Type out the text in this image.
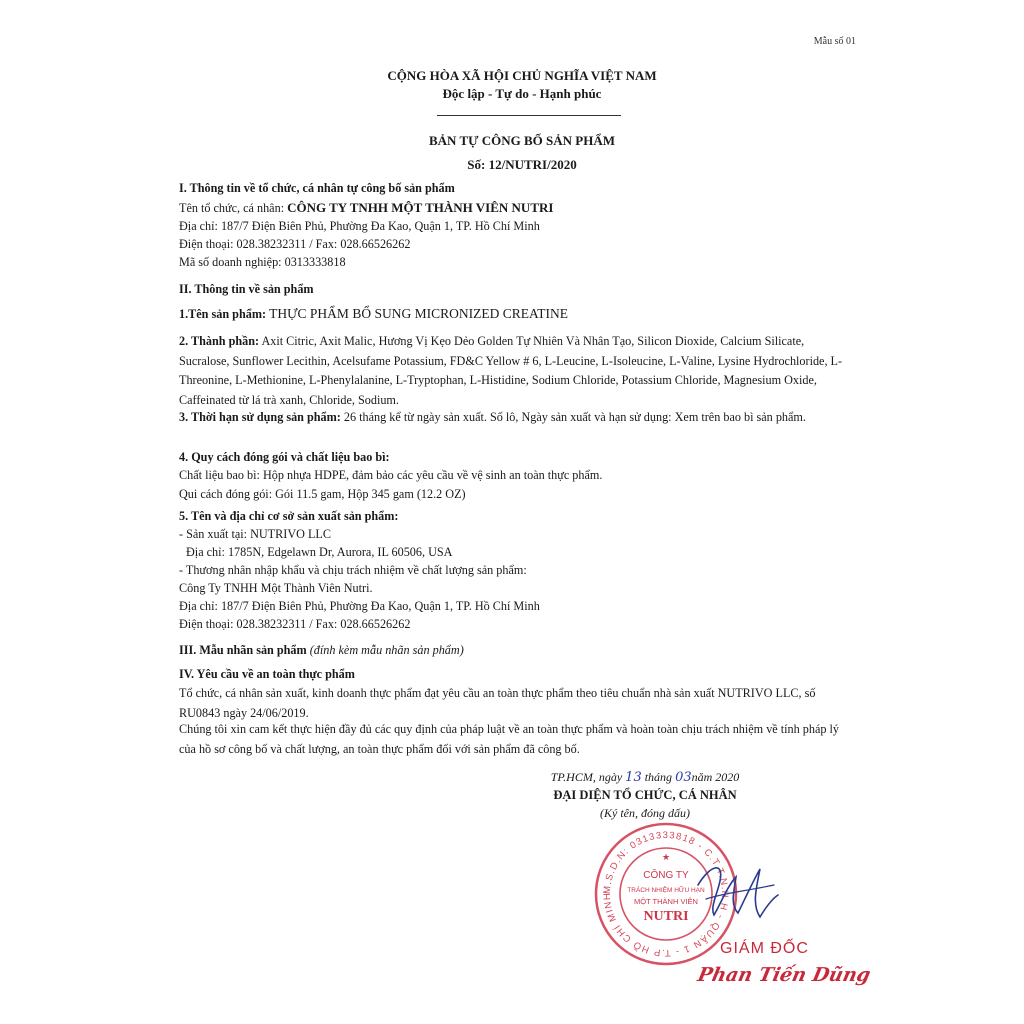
Mẫu số 01
CỘNG HÒA XÃ HỘI CHỦ NGHĨA VIỆT NAM
Độc lập - Tự do - Hạnh phúc
BẢN TỰ CÔNG BỐ SẢN PHẨM
Số: 12/NUTRI/2020
I. Thông tin về tổ chức, cá nhân tự công bố sản phẩm
Tên tổ chức, cá nhân: CÔNG TY TNHH MỘT THÀNH VIÊN NUTRI
Địa chỉ: 187/7 Điện Biên Phủ, Phường Đa Kao, Quận 1, TP. Hồ Chí Minh
Điện thoại: 028.38232311 / Fax: 028.66526262
Mã số doanh nghiệp: 0313333818
II. Thông tin về sản phẩm
1.Tên sản phẩm: THỰC PHẨM BỔ SUNG MICRONIZED CREATINE
2. Thành phần: Axit Citric, Axit Malic, Hương Vị Kẹo Dẻo Golden Tự Nhiên Và Nhân Tạo, Silicon Dioxide, Calcium Silicate, Sucralose, Sunflower Lecithin, Acelsufame Potassium, FD&C Yellow # 6, L-Leucine, L-Isoleucine, L-Valine, Lysine Hydrochloride, L-Threonine, L-Methionine, L-Phenylalanine, L-Tryptophan, L-Histidine, Sodium Chloride, Potassium Chloride, Magnesium Oxide, Caffeinated từ lá trà xanh, Chloride, Sodium.
3. Thời hạn sử dụng sản phẩm: 26 tháng kể từ ngày sản xuất. Số lô, Ngày sản xuất và hạn sử dụng: Xem trên bao bì sản phẩm.
4. Quy cách đóng gói và chất liệu bao bì:
Chất liệu bao bì: Hộp nhựa HDPE, đảm bảo các yêu cầu về vệ sinh an toàn thực phẩm.
Qui cách đóng gói: Gói 11.5 gam, Hộp 345 gam (12.2 OZ)
5. Tên và địa chỉ cơ sở sản xuất sản phẩm:
- Sản xuất tại: NUTRIVO LLC
Địa chỉ: 1785N, Edgelawn Dr, Aurora, IL 60506, USA
- Thương nhân nhập khẩu và chịu trách nhiệm về chất lượng sản phẩm:
Công Ty TNHH Một Thành Viên Nutri.
Địa chỉ: 187/7 Điện Biên Phủ, Phường Đa Kao, Quận 1, TP. Hồ Chí Minh
Điện thoại: 028.38232311 / Fax: 028.66526262
III. Mẫu nhãn sản phẩm (đính kèm mẫu nhãn sản phẩm)
IV. Yêu cầu về an toàn thực phẩm
Tổ chức, cá nhân sản xuất, kinh doanh thực phẩm đạt yêu cầu an toàn thực phẩm theo tiêu chuẩn nhà sản xuất NUTRIVO LLC, số RU0843 ngày 24/06/2019.
Chúng tôi xin cam kết thực hiện đầy đủ các quy định của pháp luật về an toàn thực phẩm và hoàn toàn chịu trách nhiệm về tính pháp lý của hồ sơ công bố và chất lượng, an toàn thực phẩm đối với sản phẩm đã công bố.
TP.HCM, ngày 13 tháng 03năm 2020
ĐẠI DIỆN TỔ CHỨC, CÁ NHÂN
(Ký tên, đóng dấu)
M.S.D.N: 0313333818 - C.T.T.N.H.H - QUẬN 1 - T.P HỒ CHÍ MINH
CÔNG TY
TRÁCH NHIỆM HỮU HẠN
MỘT THÀNH VIÊN
NUTRI
★
GIÁM ĐỐC
Phan Tiến Dũng
